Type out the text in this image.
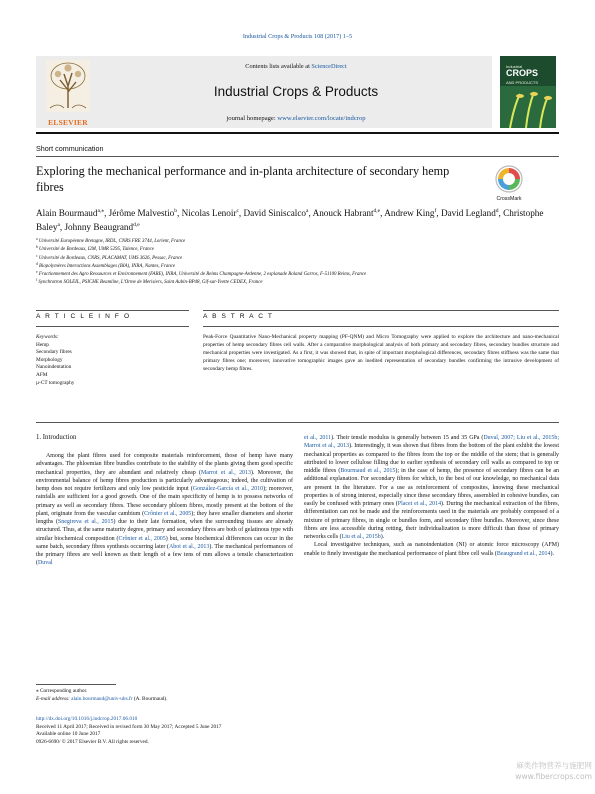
Industrial Crops & Products 108 (2017) 1–5
ELSEVIER
Contents lists available at ScienceDirect
Industrial Crops & Products
journal homepage: www.elsevier.com/locate/indcrop
Industrial
CROPS
AND PRODUCTS
Short communication
Exploring the mechanical performance and in-planta architecture of secondary hemp fibres
CrossMark
Alain Bourmaud$^{a,⁎}$, Jérôme Malvestio$^b$, Nicolas Lenoir$^c$, David Siniscalco$^a$, Anouck Habrant$^{d,e}$, Andrew King$^f$, David Legland$^d$, Christophe Baley$^a$, Johnny Beaugrand$^{d,e}$
$^a$ Université Européenne Bretagne, IRDL, CNRS FRE 3744, Lorient, France
$^b$ Université de Bordeaux, I2M, UMR 5295, Talence, France
$^c$ Université de Bordeaux, CNRS, PLACAMAT, UMS 3626, Pessac, France
$^d$ Biopolymères Interactions Assemblages (BIA), INRA, Nantes, France
$^e$ Fractionnement des Agro Ressources et Environnement (FARE), INRA, Université de Reims Champagne-Ardenne, 2 esplanade Roland Garros, F-51100 Reims, France
$^f$ Synchrotron SOLEIL, PSICHE Beamline, L'Orme de Merisiers, Saint Aubin-BP48, Gif-sur-Yvette CEDEX, France
A R T I C L E I N F O	A B S T R A C T
Keywords:
Hemp
Secondary fibres
Morphology
Nanoindentation
AFM
µ-CT tomography
Peak-Force Quantitative Nano-Mechanical property mapping (PF-QNM) and Micro Tomography were applied to explore the architecture and nano-mechanical properties of hemp secondary fibres cell walls. After a comparative morphological analysis of both primary and secondary fibres, secondary bundles structure and mechanical properties were investigated. As a first, it was showed that, in spite of important morphological differences, secondary fibres stiffness was the same that primary fibres one; moreover, innovative tomographic images gave an inedited representation of secondary bundles confirming the intrusive development of secondary hemp fibres.
1. Introduction

Among the plant fibres used for composite materials reinforcement, those of hemp have many advantages. The phloemian fibre bundles contribute to the stability of the plants giving them good specific mechanical properties, they are abundant and relatively cheap (Marrot et al., 2013). Moreover, the environmental balance of hemp fibres production is particularly advantageous; indeed, the cultivation of hemp does not require fertilizers and only low pesticide input (González-García et al., 2010); moreover, rainfalls are sufficient for a good growth. One of the main specificity of hemp is to possess networks of primary as well as secondary fibres. These secondary phloem fibres, mostly present at the bottom of the plant, originate from the vascular cambium (Crônier et al., 2005); they have smaller diameters and shorter lengths (Snegireva et al., 2015) due to their late formation, when the surrounding tissues are already structured. Thus, at the same maturity degree, primary and secondary fibres are both of gelatinous type with similar biochemical composition (Crônier et al., 2005) but, some biochemical differences can occur in the same batch, secondary fibres synthesis occurring later (Abot et al., 2013). The mechanical performances of the primary fibres are well known as their length of a few tens of mm allows a tensile characterization (Duval

et al., 2011). Their tensile modulus is generally between 15 and 35 GPa (Duval, 2007; Liu et al., 2015b; Marrot et al., 2013). Interestingly, it was shown that fibres from the bottom of the plant exhibit the lowest mechanical properties as compared to the fibres from the top or the middle of the stem; that is generally attributed to lower cellulose filling due to earlier synthesis of secondary cell walls as compared to top or middle fibres (Bourmaud et al., 2015); in the case of hemp, the presence of secondary fibres can be an additional explanation. For secondary fibres for which, to the best of our knowledge, no mechanical data are present in the literature. For a use as reinforcement of composites, knowing these mechanical properties is of strong interest, especially since these secondary fibres, assembled in cohesive bundles, can easily be confused with primary ones (Placet et al., 2014). During the mechanical extraction of the fibres, differentiation can not be made and the reinforcements used in the materials are probably composed of a mixture of primary fibres, in single or bundles form, and secondary fibre bundles. Moreover, since these fibres are less accessible during retting, their individualization is more difficult than those of primary networks cells (Liu et al., 2015b).

Local investigative techniques, such as nanoindentation (NI) or atomic force microscopy (AFM) enable to finely investigate the mechanical performance of plant fibre cell walls (Beaugrand et al., 2014).

⁎ Corresponding author.
E-mail address: alain.bourmaud@univ-ubs.fr (A. Bourmaud).
http://dx.doi.org/10.1016/j.indcrop.2017.06.010
Received 11 April 2017; Received in revised form 30 May 2017; Accepted 5 June 2017
Available online 10 June 2017
0926-6690/ © 2017 Elsevier B.V. All rights reserved.
麻类作物营养与施肥网
www.fibercrops.com
